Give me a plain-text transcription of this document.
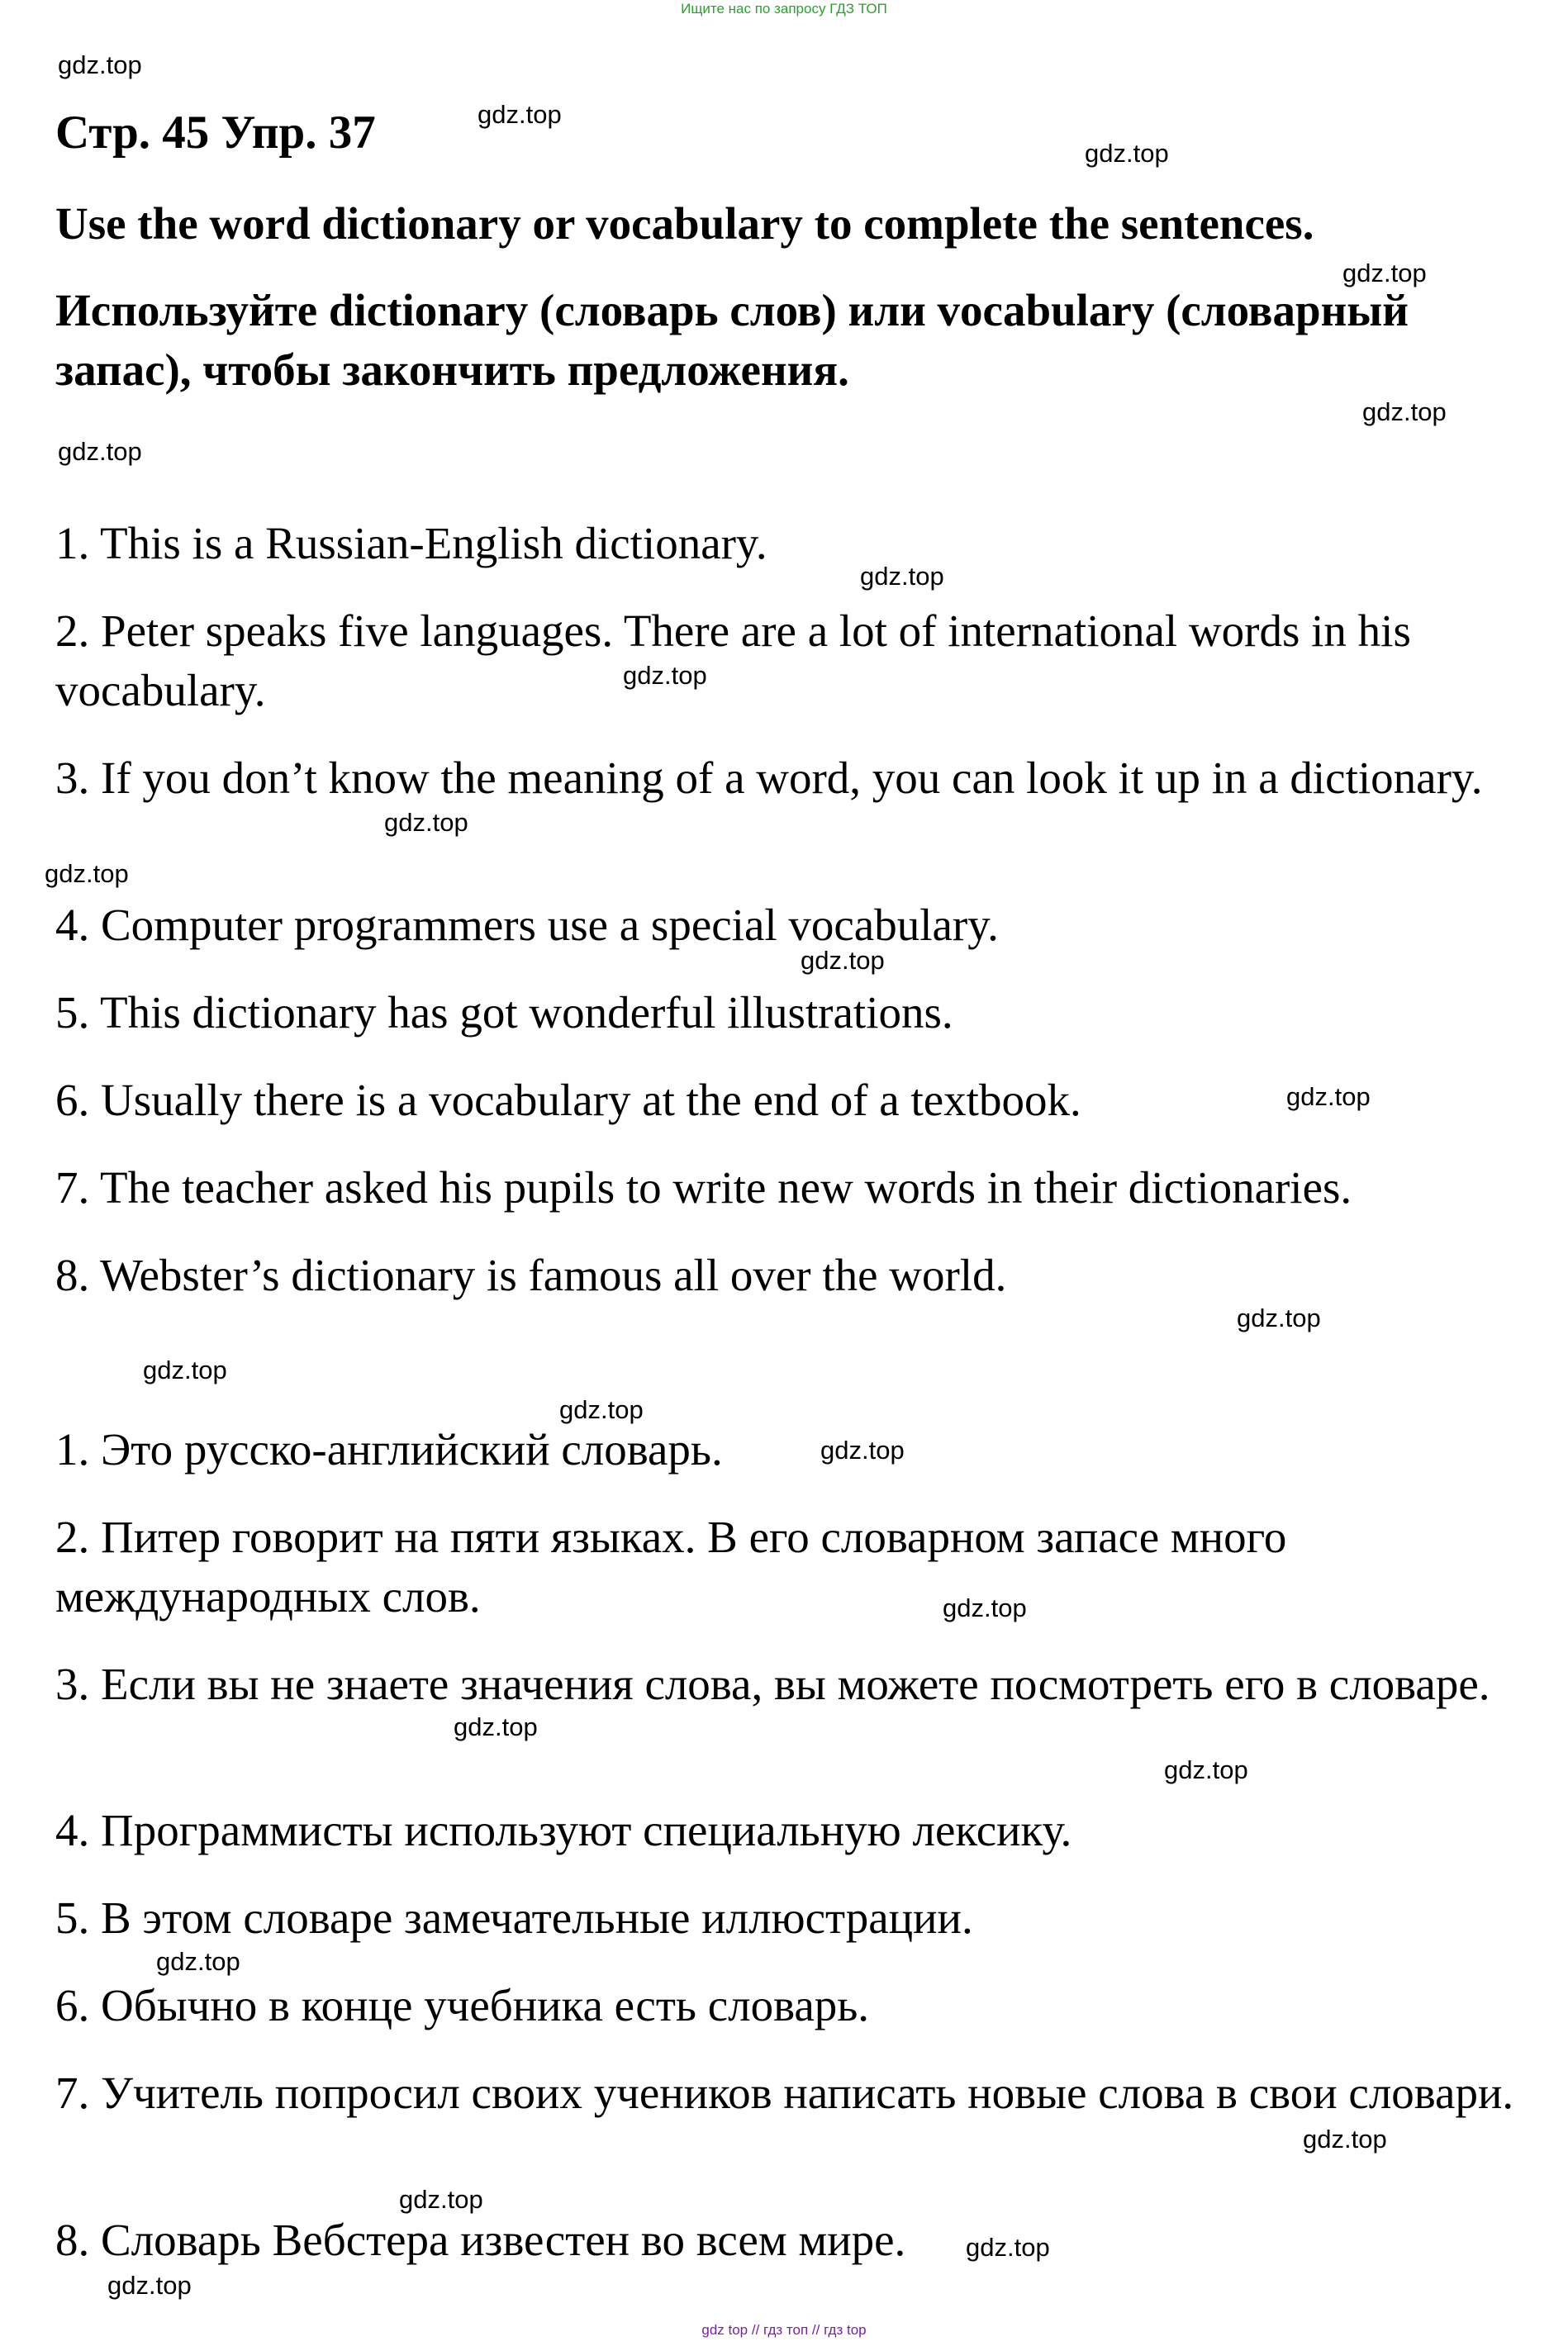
Ищите нас по запросу ГДЗ ТОП
Стр. 45 Упр. 37
Use the word dictionary or vocabulary to complete the sentences.
Используйте dictionary (словарь слов) или vocabulary (словарный запас), чтобы закончить предложения.
1. This is a Russian-English dictionary.
2. Peter speaks five languages. There are a lot of international words in his vocabulary.
3. If you don’t know the meaning of a word, you can look it up in a dictionary.
4. Computer programmers use a special vocabulary.
5. This dictionary has got wonderful illustrations.
6. Usually there is a vocabulary at the end of a textbook.
7. The teacher asked his pupils to write new words in their dictionaries.
8. Webster’s dictionary is famous all over the world.
1. Это русско-английский словарь.
2. Питер говорит на пяти языках. В его словарном запасе много международных слов.
3. Если вы не знаете значения слова, вы можете посмотреть его в словаре.
4. Программисты используют специальную лексику.
5. В этом словаре замечательные иллюстрации.
6. Обычно в конце учебника есть словарь.
7. Учитель попросил своих учеников написать новые слова в свои словари.
8. Словарь Вебстера известен во всем мире.
gdz.top
gdz.top
gdz.top
gdz.top
gdz.top
gdz.top
gdz.top
gdz.top
gdz.top
gdz.top
gdz.top
gdz.top
gdz.top
gdz.top
gdz.top
gdz.top
gdz.top
gdz.top
gdz.top
gdz.top
gdz.top
gdz.top
gdz.top
gdz.top
gdz top // гдз топ // гдз top
